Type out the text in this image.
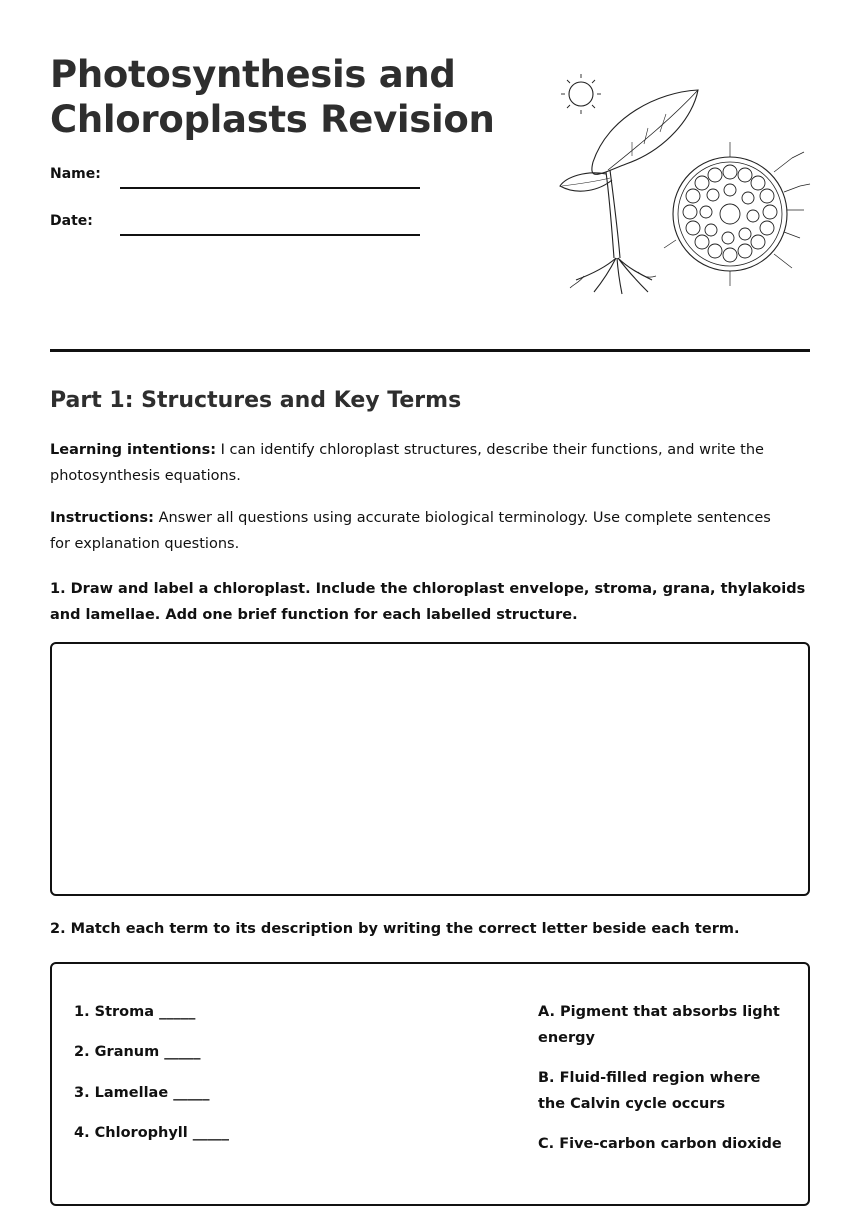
Photosynthesis and Chloroplasts Revision
Name:
Date:
Part 1: Structures and Key Terms

Learning intentions: I can identify chloroplast structures, describe their functions, and write the photosynthesis equations.

Instructions: Answer all questions using accurate biological terminology. Use complete sentences for explanation questions.

1. Draw and label a chloroplast. Include the chloroplast envelope, stroma, grana, thylakoids and lamellae. Add one brief function for each labelled structure.

2. Match each term to its description by writing the correct letter beside each term.

1. Stroma _____
2. Granum _____
3. Lamellae _____
4. Chlorophyll _____

A. Pigment that absorbs light energy

B. Fluid-filled region where the Calvin cycle occurs

C. Five-carbon carbon dioxide
